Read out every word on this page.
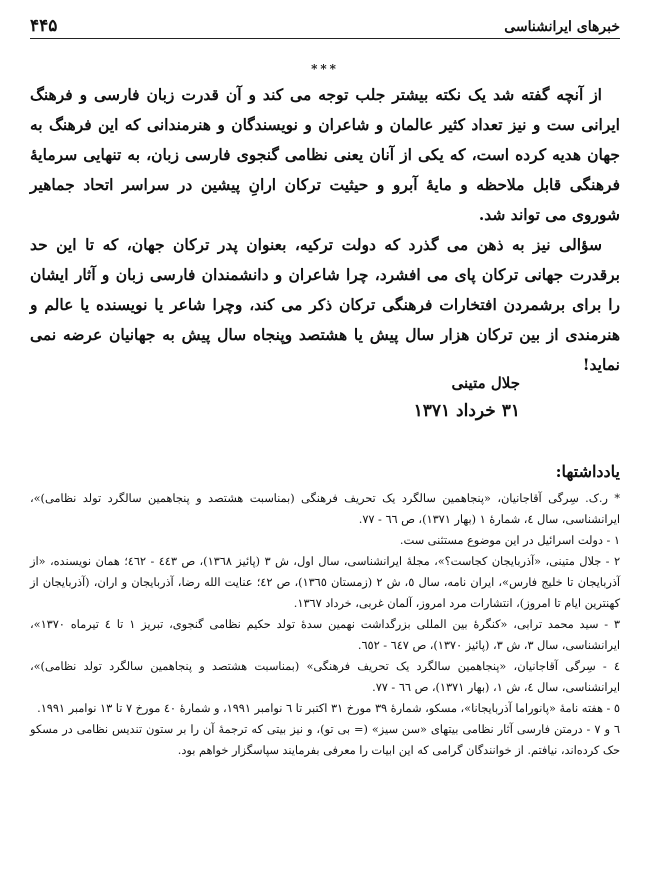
۴۴۵	خبرهای ایرانشناسی
***

از آنچه گفته شد یک نکته بیشتر جلب توجه می کند و آن قدرت زبان فارسی و فرهنگ ایرانی ست و نیز تعداد کثیر عالمان و شاعران و نویسندگان و هنرمندانی که این فرهنگ به جهان هدیه کرده است، که یکی از آنان یعنی نظامی گنجوی فارسی زبان، به تنهایی سرمایهٔ فرهنگی قابل ملاحظه و مایهٔ آبرو و حیثیت ترکان ارانِ پیشین در سراسر اتحاد جماهیر شوروی می تواند شد.

سؤالی نیز به ذهن می گذرد که دولت ترکیه، بعنوان پدر ترکان جهان، که تا این حد برقدرت جهانی ترکان پای می افشرد، چرا شاعران و دانشمندان فارسی زبان و آثار ایشان را برای برشمردن افتخارات فرهنگی ترکان ذکر می کند، وچرا شاعر یا نویسنده یا عالم و هنرمندی از بین ترکان هزار سال پیش یا هشتصد وپنجاه سال پیش به جهانیان عرضه نمی نماید!

جلال متینی
۳۱ خرداد ۱۳۷۱
یادداشتها:

* ر.ک. سِرگی آقاجانیان، «پنجاهمین سالگرد یک تحریف فرهنگی (بمناسبت هشتصد و پنجاهمین سالگرد تولد نظامی)»، ایرانشناسی، سال ٤، شمارهٔ ١ (بهار ١٣٧١)، ص ٦٦ - ٧٧.

١ - دولت اسرائیل در این موضوع مستثنی ست.

٢ - جلال متینی، «آذربایجان کجاست؟»، مجلهٔ ایرانشناسی، سال اول، ش ٣ (پائیز ١٣٦٨)، ص ٤٤٣ - ٤٦٢؛ همان نویسنده، «از آذربایجان تا خلیج فارس»، ایران نامه، سال ٥، ش ٢ (زمستان ١٣٦٥)، ص ٤٢؛ عنایت الله رضا، آذربایجان و اران، (آذربایجان از کهنترین ایام تا امروز)، انتشارات مرد امروز، آلمان غربی، خرداد ١٣٦٧.

٣ - سید محمد ترابی، «کنگرهٔ بین المللی بزرگداشت نهمین سدهٔ تولد حکیم نظامی گنجوی، تبریز ١ تا ٤ تیرماه ١٣٧٠»، ایرانشناسی، سال ٣، ش ٣، (پائیز ١٣٧٠)، ص ٦٤٧ - ٦٥٢.

٤ - سِرگی آقاجانیان، «پنجاهمین سالگرد یک تحریف فرهنگی» (بمناسبت هشتصد و پنجاهمین سالگرد تولد نظامی)»، ایرانشناسی، سال ٤، ش ١، (بهار ١٣٧١)، ص ٦٦ - ٧٧.

٥ - هفته نامهٔ «پانوراما آذربایجانا»، مسکو، شمارهٔ ٣٩ مورخ ٣١ اکتبر تا ٦ نوامبر ١٩٩١، و شمارهٔ ٤٠ مورخ ٧ تا ١٣ نوامبر ١٩٩١.

٦ و ٧ - درمتن فارسی آثار نظامی بیتهای «سن سیز» (= بی تو)، و نیز بیتی که ترجمهٔ آن را بر ستون تندیس نظامی در مسکو حک کرده‌اند، نیافتم. از خوانندگان گرامی که این ابیات را معرفی بفرمایند سپاسگزار خواهم بود.
